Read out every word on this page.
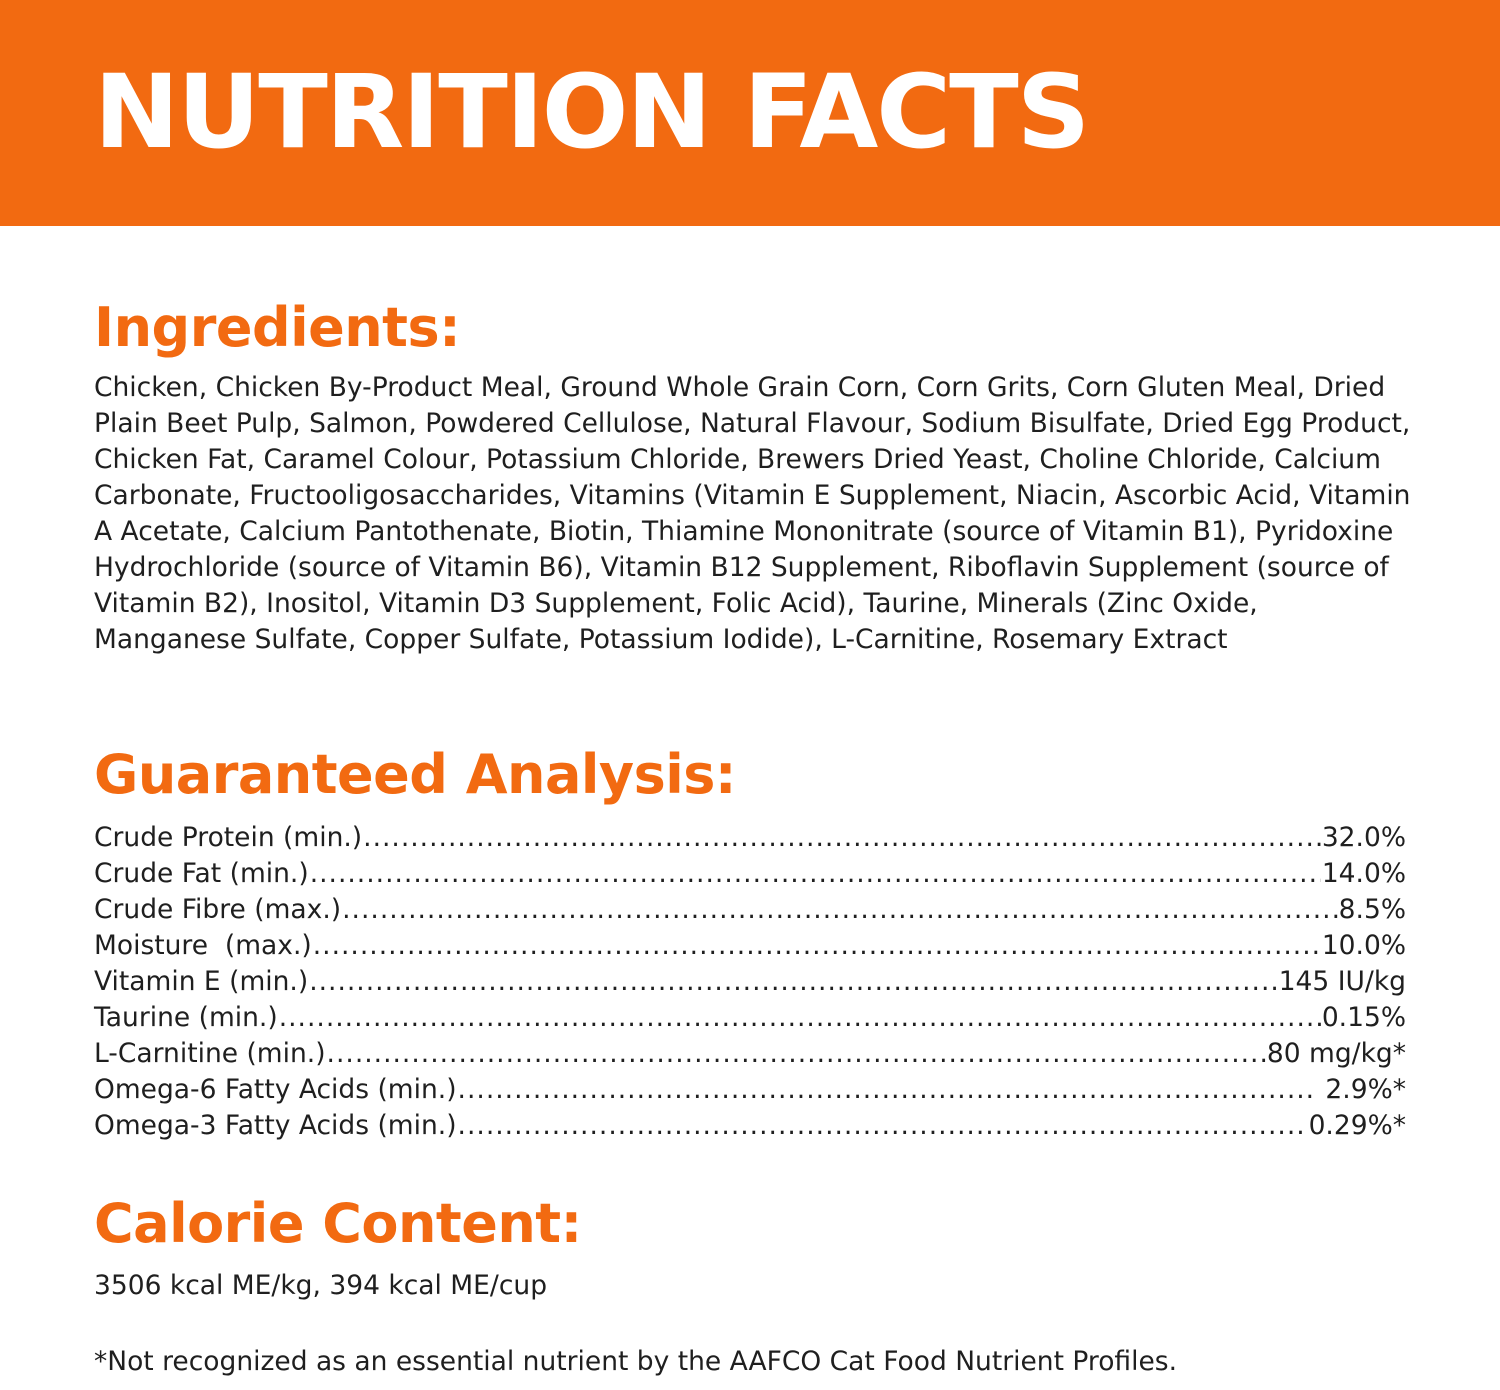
NUTRITION FACTS
Ingredients:

Chicken, Chicken By-Product Meal, Ground Whole Grain Corn, Corn Grits, Corn Gluten Meal, Dried Plain Beet Pulp, Salmon, Powdered Cellulose, Natural Flavour, Sodium Bisulfate, Dried Egg Product, Chicken Fat, Caramel Colour, Potassium Chloride, Brewers Dried Yeast, Choline Chloride, Calcium Carbonate, Fructooligosaccharides, Vitamins (Vitamin E Supplement, Niacin, Ascorbic Acid, Vitamin A Acetate, Calcium Pantothenate, Biotin, Thiamine Mononitrate (source of Vitamin B1), Pyridoxine Hydrochloride (source of Vitamin B6), Vitamin B12 Supplement, Riboflavin Supplement (source of Vitamin B2), Inositol, Vitamin D3 Supplement, Folic Acid), Taurine, Minerals (Zinc Oxide, Manganese Sulfate, Copper Sulfate, Potassium Iodide), L-Carnitine, Rosemary Extract

Guaranteed Analysis:
Crude Protein (min.) .....	32.0%
Crude Fat (min.) .....	14.0%
Crude Fibre (max.) .....	8.5%
Moisture  (max.) .....	10.0%
Vitamin E (min.) .....	145 IU/kg
Taurine (min.) .....	0.15%
L-Carnitine (min.) .....	80 mg/kg*
Omega-6 Fatty Acids (min.) .....	2.9%*
Omega-3 Fatty Acids (min.) .....	0.29%*
Calorie Content:

3506 kcal ME/kg, 394 kcal ME/cup

*Not recognized as an essential nutrient by the AAFCO Cat Food Nutrient Profiles.
